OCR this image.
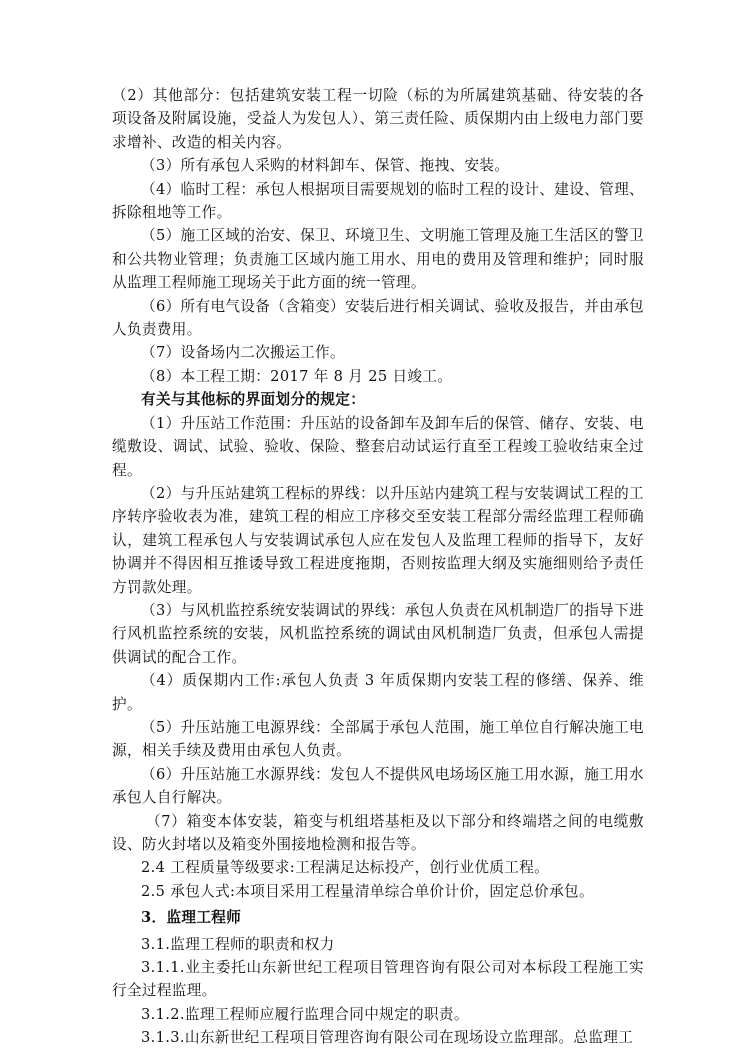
（2）其他部分：包括建筑安装工程一切险（标的为所属建筑基础、待安装的各项设备及附属设施，受益人为发包人）、第三责任险、质保期内由上级电力部门要求增补、改造的相关内容。

（3）所有承包人采购的材料卸车、保管、拖拽、安装。

（4）临时工程：承包人根据项目需要规划的临时工程的设计、建设、管理、拆除租地等工作。

（5）施工区域的治安、保卫、环境卫生、文明施工管理及施工生活区的警卫和公共物业管理；负责施工区域内施工用水、用电的费用及管理和维护；同时服从监理工程师施工现场关于此方面的统一管理。

（6）所有电气设备（含箱变）安装后进行相关调试、验收及报告，并由承包人负责费用。

（7）设备场内二次搬运工作。

（8）本工程工期：2017 年 8 月 25 日竣工。

有关与其他标的界面划分的规定：

（1）升压站工作范围：升压站的设备卸车及卸车后的保管、储存、安装、电缆敷设、调试、试验、验收、保险、整套启动试运行直至工程竣工验收结束全过程。

（2）与升压站建筑工程标的界线：以升压站内建筑工程与安装调试工程的工序转序验收表为准，建筑工程的相应工序移交至安装工程部分需经监理工程师确认，建筑工程承包人与安装调试承包人应在发包人及监理工程师的指导下，友好协调并不得因相互推诿导致工程进度拖期，否则按监理大纲及实施细则给予责任方罚款处理。

（3）与风机监控系统安装调试的界线：承包人负责在风机制造厂的指导下进行风机监控系统的安装，风机监控系统的调试由风机制造厂负责，但承包人需提供调试的配合工作。

（4）质保期内工作:承包人负责 3 年质保期内安装工程的修缮、保养、维护。

（5）升压站施工电源界线：全部属于承包人范围，施工单位自行解决施工电源，相关手续及费用由承包人负责。

（6）升压站施工水源界线：发包人不提供风电场场区施工用水源，施工用水承包人自行解决。

（7）箱变本体安装，箱变与机组塔基柜及以下部分和终端塔之间的电缆敷设、防火封堵以及箱变外围接地检测和报告等。

2.4 工程质量等级要求:工程满足达标投产，创行业优质工程。

2.5 承包人式:本项目采用工程量清单综合单价计价，固定总价承包。

3．监理工程师

3.1.监理工程师的职责和权力

3.1.1.业主委托山东新世纪工程项目管理咨询有限公司对本标段工程施工实行全过程监理。

3.1.2.监理工程师应履行监理合同中规定的职责。

3.1.3.山东新世纪工程项目管理咨询有限公司在现场设立监理部。总监理工
